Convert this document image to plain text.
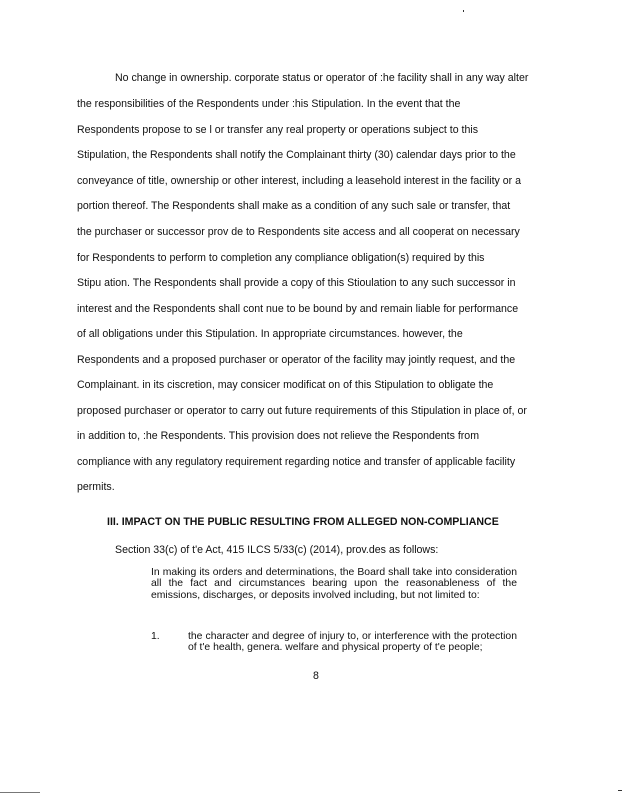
No change in ownership. corporate status or operator of :he facility shall in any way alter
the responsibilities of the Respondents under :his Stipulation. In the event that the
Respondents propose to se l or transfer any real property or operations subject to this
Stipulation, the Respondents shall notify the Complainant thirty (30) calendar days prior to the
conveyance of title, ownership or other interest, including a leasehold interest in the facility or a
portion thereof. The Respondents shall make as a condition of any such sale or transfer, that
the purchaser or successor prov de to Respondents site access and all cooperat on necessary
for Respondents to perform to completion any compliance obligation(s) required by this
Stipu ation. The Respondents shall provide a copy of this Stioulation to any such successor in
interest and the Respondents shall cont nue to be bound by and remain liable for performance
of all obligations under this Stipulation. In appropriate circumstances. however, the
Respondents and a proposed purchaser or operator of the facility may jointly request, and the
Complainant. in its ciscretion, may consicer modificat on of this Stipulation to obligate the
proposed purchaser or operator to carry out future requirements of this Stipulation in place of, or
in addition to, :he Respondents. This provision does not relieve the Respondents from
compliance with any regulatory requirement regarding notice and transfer of applicable facility
permits.
III. IMPACT ON THE PUBLIC RESULTING FROM ALLEGED NON-COMPLIANCE
Section 33(c) of t'e Act, 415 ILCS 5/33(c) (2014), prov.des as follows:
In making its orders and determinations, the Board shall take into consideration all the fact and circumstances bearing upon the reasonableness of the emissions, discharges, or deposits involved including, but not limited to:
1.	the character and degree of injury to, or interference with the protection of t'e health, genera. welfare and physical property of t'e people;
8
